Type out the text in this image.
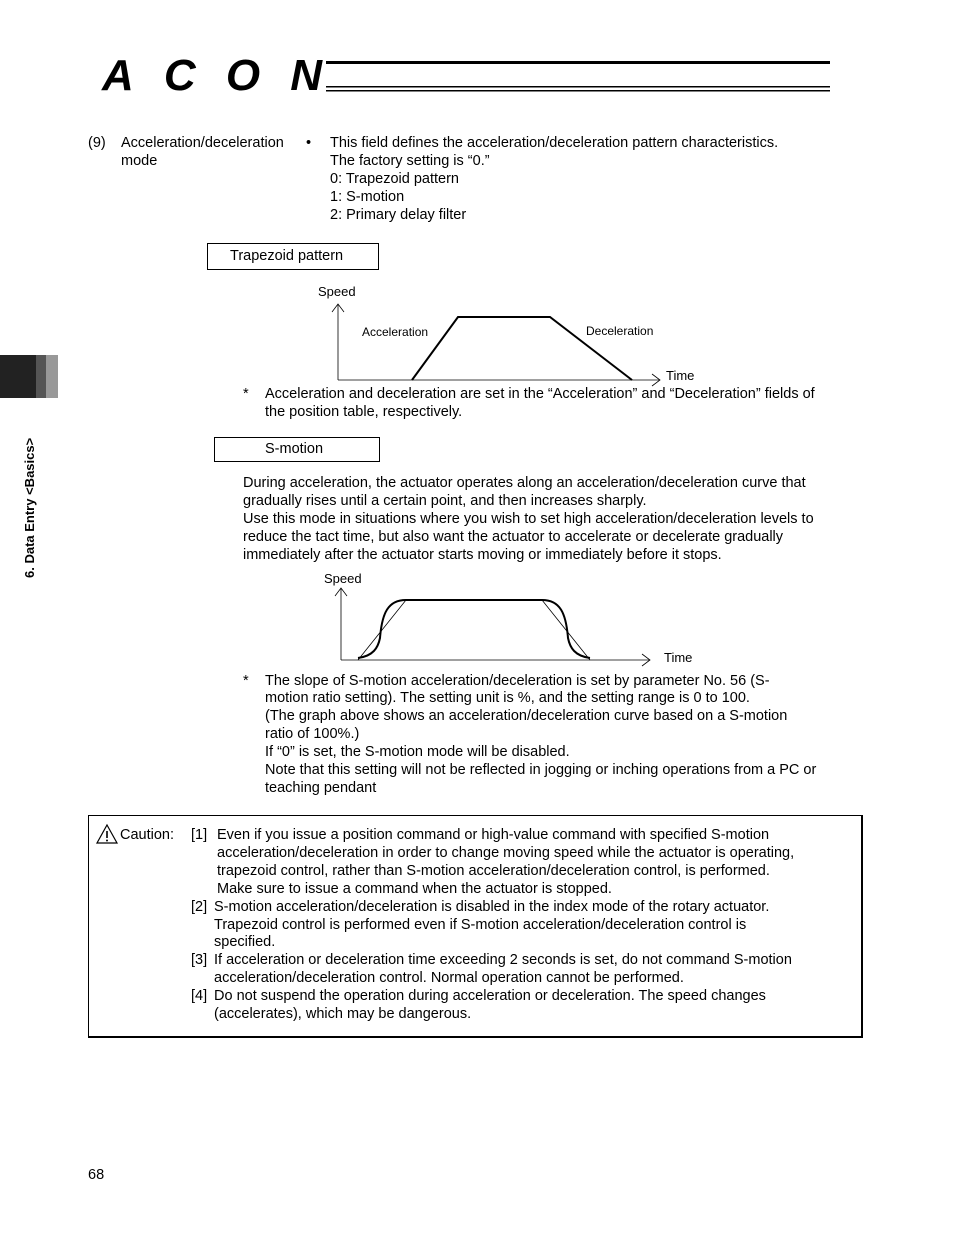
ACON
6. Data Entry <Basics>
(9) Acceleration/deceleration
mode
• This field defines the acceleration/deceleration pattern characteristics.
The factory setting is “0.”
0: Trapezoid pattern
1: S-motion
2: Primary delay filter
Trapezoid pattern
Speed
Acceleration	Deceleration
Time
* Acceleration and deceleration are set in the “Acceleration” and “Deceleration” fields of
the position table, respectively.
S-motion
During acceleration, the actuator operates along an acceleration/deceleration curve that
gradually rises until a certain point, and then increases sharply.
Use this mode in situations where you wish to set high acceleration/deceleration levels to
reduce the tact time, but also want the actuator to accelerate or decelerate gradually
immediately after the actuator starts moving or immediately before it stops.
Speed
Time
* The slope of S-motion acceleration/deceleration is set by parameter No. 56 (S-
motion ratio setting). The setting unit is %, and the setting range is 0 to 100.
(The graph above shows an acceleration/deceleration curve based on a S-motion
ratio of 100%.)
If “0” is set, the S-motion mode will be disabled.
Note that this setting will not be reflected in jogging or inching operations from a PC or
teaching pendant
Caution: [1] Even if you issue a position command or high-value command with specified S-motion
acceleration/deceleration in order to change moving speed while the actuator is operating,
trapezoid control, rather than S-motion acceleration/deceleration control, is performed.
Make sure to issue a command when the actuator is stopped.
[2] S-motion acceleration/deceleration is disabled in the index mode of the rotary actuator.
Trapezoid control is performed even if S-motion acceleration/deceleration control is
specified.
[3] If acceleration or deceleration time exceeding 2 seconds is set, do not command S-motion
acceleration/deceleration control. Normal operation cannot be performed.
[4] Do not suspend the operation during acceleration or deceleration. The speed changes
(accelerates), which may be dangerous.
68
